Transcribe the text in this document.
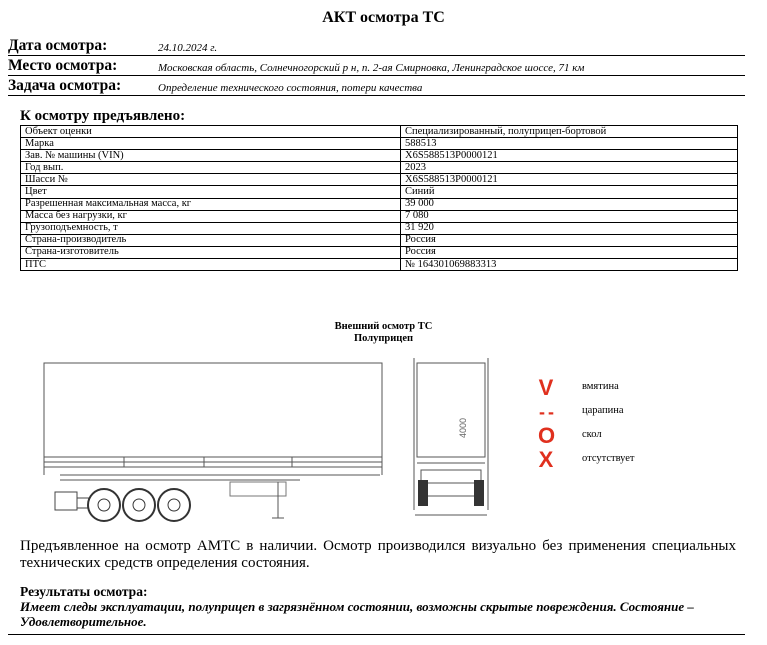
АКТ осмотра ТС
Дата осмотра:	24.10.2024 г.
Место осмотра:	Московская область, Солнечногорский р н, п. 2-ая Смирновка, Ленинградское шоссе, 71 км
Задача осмотра:	Определение технического состояния, потери качества
К осмотру предъявлено:
Объект оценки	Специализированный, полуприцеп-бортовой
Марка	588513
Зав. № машины (VIN)	X6S588513P0000121
Год вып.	2023
Шасси №	X6S588513P0000121
Цвет	Синий
Разрешенная максимальная масса, кг	39 000
Масса без нагрузки, кг	7 080
Грузоподъемность, т	31 920
Страна-производитель	Россия
Страна-изготовитель	Россия
ПТС	№ 164301069883313
Внешний осмотр ТС
Полуприцеп
4000
V	вмятина
- -	царапина
O	скол
X	отсутствует
Предъявленное на осмотр АМТС в наличии. Осмотр производился визуально без применения специальных технических средств определения состояния.
Результаты осмотра:
Имеет следы эксплуатации, полуприцеп в загрязнённом состоянии, возможны скрытые повреждения. Состояние – Удовлетворительное.
